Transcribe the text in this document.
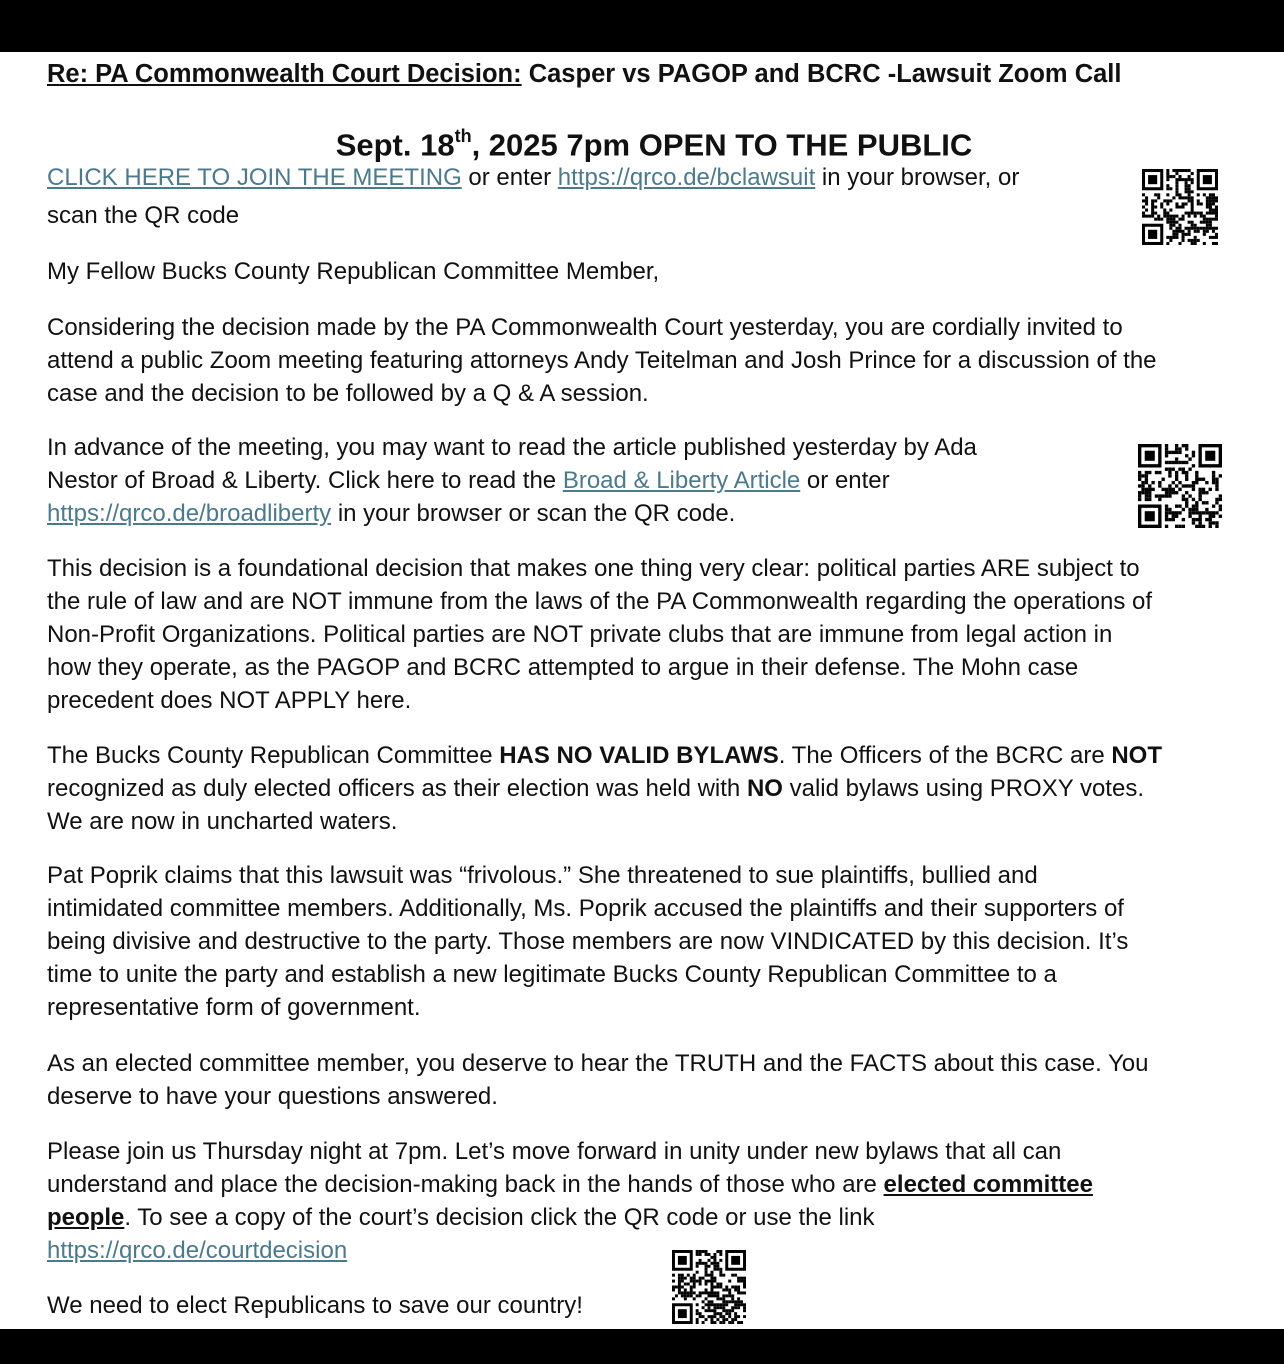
Re: PA Commonwealth Court Decision: Casper vs PAGOP and BCRC -Lawsuit Zoom Call
Sept. 18th, 2025 7pm OPEN TO THE PUBLIC
CLICK HERE TO JOIN THE MEETING or enter https://qrco.de/bclawsuit in your browser, or
scan the QR code
My Fellow Bucks County Republican Committee Member,

Considering the decision made by the PA Commonwealth Court yesterday, you are cordially invited to

attend a public Zoom meeting featuring attorneys Andy Teitelman and Josh Prince for a discussion of the

case and the decision to be followed by a Q & A session.

In advance of the meeting, you may want to read the article published yesterday by Ada

Nestor of Broad & Liberty. Click here to read the Broad & Liberty Article or enter

https://qrco.de/broadliberty in your browser or scan the QR code.

This decision is a foundational decision that makes one thing very clear: political parties ARE subject to

the rule of law and are NOT immune from the laws of the PA Commonwealth regarding the operations of

Non-Profit Organizations. Political parties are NOT private clubs that are immune from legal action in

how they operate, as the PAGOP and BCRC attempted to argue in their defense. The Mohn case

precedent does NOT APPLY here.

The Bucks County Republican Committee HAS NO VALID BYLAWS. The Officers of the BCRC are NOT

recognized as duly elected officers as their election was held with NO valid bylaws using PROXY votes.

We are now in uncharted waters.

Pat Poprik claims that this lawsuit was “frivolous.” She threatened to sue plaintiffs, bullied and

intimidated committee members. Additionally, Ms. Poprik accused the plaintiffs and their supporters of

being divisive and destructive to the party. Those members are now VINDICATED by this decision. It’s

time to unite the party and establish a new legitimate Bucks County Republican Committee to a

representative form of government.

As an elected committee member, you deserve to hear the TRUTH and the FACTS about this case. You

deserve to have your questions answered.

Please join us Thursday night at 7pm. Let’s move forward in unity under new bylaws that all can

understand and place the decision-making back in the hands of those who are elected committee

people. To see a copy of the court’s decision click the QR code or use the link

https://qrco.de/courtdecision

We need to elect Republicans to save our country!
